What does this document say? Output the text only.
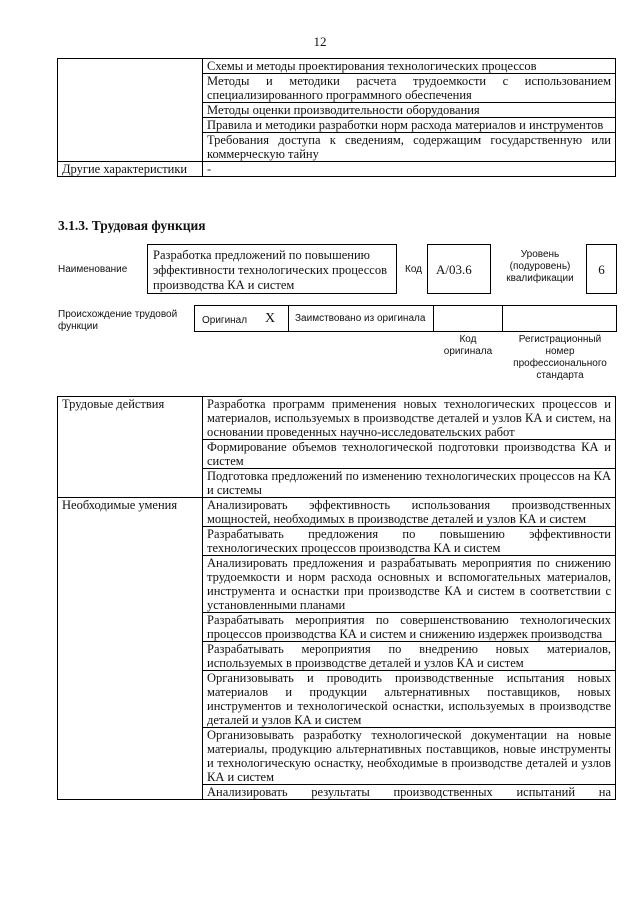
12
	Схемы и методы проектирования технологических процессов
	Методы и методики расчета трудоемкости с использованием специализированного программного обеспечения
	Методы оценки производительности оборудования
	Правила и методики разработки норм расхода материалов и инструментов
	Требования доступа к сведениям, содержащим государственную или коммерческую тайну
Другие характеристики	-
3.1.3. Трудовая функция
Наименование
Разработка предложений по повышению эффективности технологических процессов производства КА и систем
Код	А/03.6
Уровень (подуровень) квалификации
6
Происхождение трудовой функции
Оригинал X	Заимствовано из оригинала
Код оригинала
Регистрационный номер профессионального стандарта
Трудовые действия	Разработка программ применения новых технологических процессов и материалов, используемых в производстве деталей и узлов КА и систем, на основании проведенных научно-исследовательских работ
	Формирование объемов технологической подготовки производства КА и систем
	Подготовка предложений по изменению технологических процессов на КА и системы
Необходимые умения	Анализировать эффективность использования производственных мощностей, необходимых в производстве деталей и узлов КА и систем
	Разрабатывать предложения по повышению эффективности технологических процессов производства КА и систем
	Анализировать предложения и разрабатывать мероприятия по снижению трудоемкости и норм расхода основных и вспомогательных материалов, инструмента и оснастки при производстве КА и систем в соответствии с установленными планами
	Разрабатывать мероприятия по совершенствованию технологических процессов производства КА и систем и снижению издержек производства
	Разрабатывать мероприятия по внедрению новых материалов, используемых в производстве деталей и узлов КА и систем
	Организовывать и проводить производственные испытания новых материалов и продукции альтернативных поставщиков, новых инструментов и технологической оснастки, используемых в производстве деталей и узлов КА и систем
	Организовывать разработку технологической документации на новые материалы, продукцию альтернативных поставщиков, новые инструменты и технологическую оснастку, необходимые в производстве деталей и узлов КА и систем
	Анализировать результаты производственных испытаний на
